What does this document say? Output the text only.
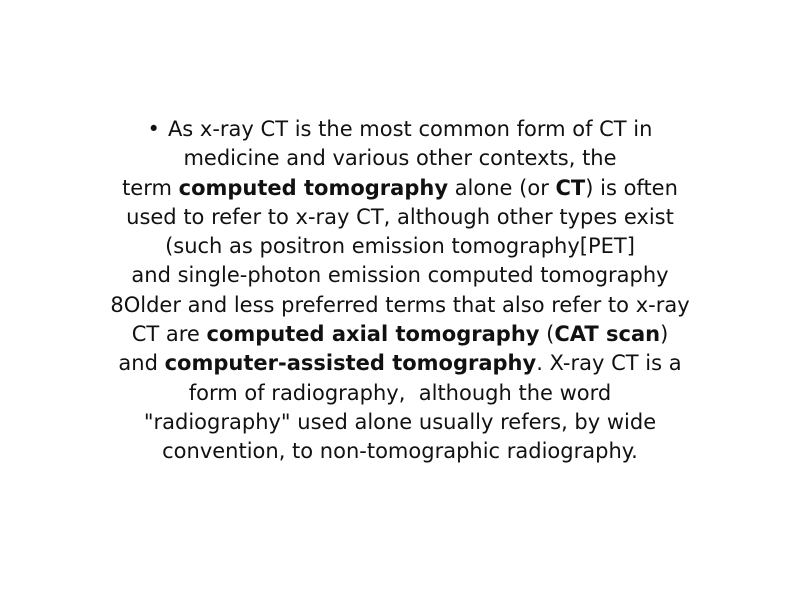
• As x-ray CT is the most common form of CT in
medicine and various other contexts, the
term computed tomography alone (or CT) is often
used to refer to x-ray CT, although other types exist
(such as positron emission tomography[PET]
and single-photon emission computed tomography
8Older and less preferred terms that also refer to x-ray
CT are computed axial tomography (CAT scan)
and computer-assisted tomography. X-ray CT is a
form of radiography,  although the word
"radiography" used alone usually refers, by wide
convention, to non-tomographic radiography.
